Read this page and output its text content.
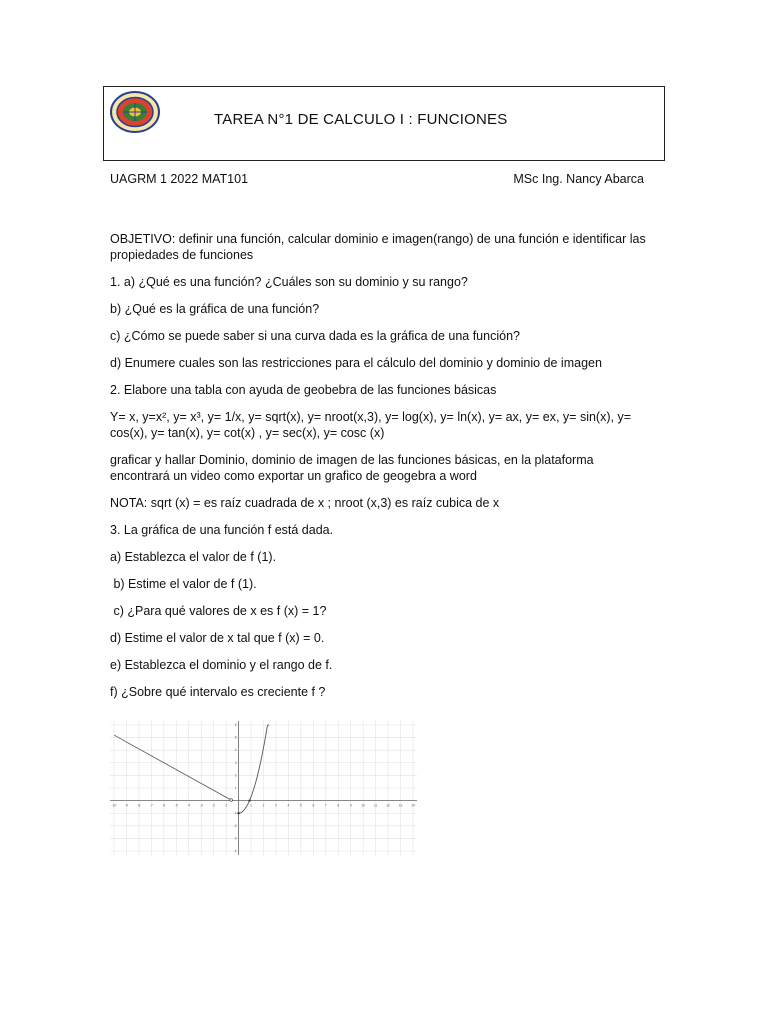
TAREA N°1 DE CALCULO I : FUNCIONES
UAGRM 1 2022 MAT101	MSc Ing. Nancy Abarca

OBJETIVO: definir una función, calcular dominio e imagen(rango) de una función e identificar las propiedades de funciones

1. a) ¿Qué es una función? ¿Cuáles son su dominio y su rango?

b) ¿Qué es la gráfica de una función?

c) ¿Cómo se puede saber si una curva dada es la gráfica de una función?

d) Enumere cuales son las restricciones para el cálculo del dominio y dominio de imagen

2. Elabore una tabla con ayuda de geobebra de las funciones básicas

Y= x, y=x², y= x³, y= 1/x, y= sqrt(x), y= nroot(x,3), y= log(x), y= ln(x), y= ax, y= ex, y= sin(x), y= cos(x), y= tan(x), y= cot(x) , y= sec(x), y= cosc (x)

graficar y hallar Dominio, dominio de imagen de las funciones básicas, en la plataforma encontrará un video como exportar un grafico de geogebra a word

NOTA: sqrt (x) = es raíz cuadrada de x ; nroot (x,3) es raíz cubica de x

3. La gráfica de una función f está dada.

a) Establezca el valor de f (1).

b) Estime el valor de f (1).

c) ¿Para qué valores de x es f (x) = 1?

d) Estime el valor de x tal que f (x) = 0.

e) Establezca el dominio y el rango de f.

f) ¿Sobre qué intervalo es creciente f ?

-10	-9	-8	-7	-6	-5	-4	-3	-2	-1	1	2	3	4	5	6	7	8	9	10	11	12	13	14
6
5
4
3
2
1
-1
-2
-3
-4
